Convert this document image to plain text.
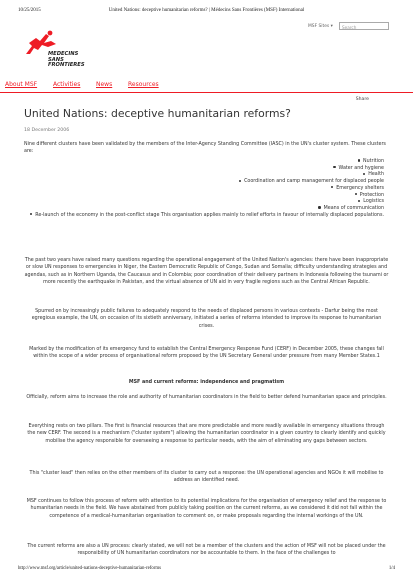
10/25/2015	United Nations: deceptive humanitarian reforms? | Médecins Sans Frontières (MSF) International
MEDECINS
SANS FRONTIERES
MSF Sites ▾	Search
About MSF	Activities	News	Resources
Share
United Nations: deceptive humanitarian reforms?
18 December 2006

Nine different clusters have been validated by the members of the Inter-Agency Standing Committee (IASC) in the UN's cluster system. These clusters are:

Nutrition
Water and hygiene
Health
Coordination and camp management for displaced people
Emergency shelters
Protection
Logistics
Means of communication
Re-launch of the economy in the post-conflict stage This organisation applies mainly to relief efforts in favour of internally displaced populations.

The past two years have raised many questions regarding the operational engagement of the United Nation's agencies: there have been inappropriate or slow UN responses to emergencies in Niger, the Eastern Democratic Republic of Congo, Sudan and Somalia; difficulty understanding strategies and agendas, such as in Northern Uganda, the Caucasus and in Colombia; poor coordination of their delivery partners in Indonesia following the tsunami or more recently the earthquake in Pakistan, and the virtual absence of UN aid in very fragile regions such as the Central African Republic.

Spurred on by increasingly public failures to adequately respond to the needs of displaced persons in various contexts - Darfur being the most egregious example, the UN, on occasion of its sixtieth anniversary, initiated a series of reforms intended to improve its response to humanitarian crises.

Marked by the modification of its emergency fund to establish the Central Emergency Response Fund (CERF) in December 2005, these changes fall within the scope of a wider process of organisational reform proposed by the UN Secretary General under pressure from many Member States.1

MSF and current reforms: independence and pragmatism

Officially, reform aims to increase the role and authority of humanitarian coordinators in the field to better defend humanitarian space and principles.

Everything rests on two pillars. The first is financial resources that are more predictable and more readily available in emergency situations through the new CERF. The second is a mechanism ("cluster system") allowing the humanitarian coordinator in a given country to clearly identify and quickly mobilise the agency responsible for overseeing a response to particular needs, with the aim of eliminating any gaps between sectors.

This "cluster lead" then relies on the other members of its cluster to carry out a response: the UN operational agencies and NGOs it will mobilise to address an identified need.

MSF continues to follow this process of reform with attention to its potential implications for the organisation of emergency relief and the response to humanitarian needs in the field. We have abstained from publicly taking position on the current reforms, as we considered it did not fall within the competence of a medical-humanitarian organisation to comment on, or make proposals regarding the internal workings of the UN.

The current reforms are also a UN process: clearly stated, we will not be a member of the clusters and the action of MSF will not be placed under the responsibility of UN humanitarian coordinators nor be accountable to them. In the face of the challenges to

http://www.msf.org/article/united-nations-deceptive-humanitarian-reforms	1/4
